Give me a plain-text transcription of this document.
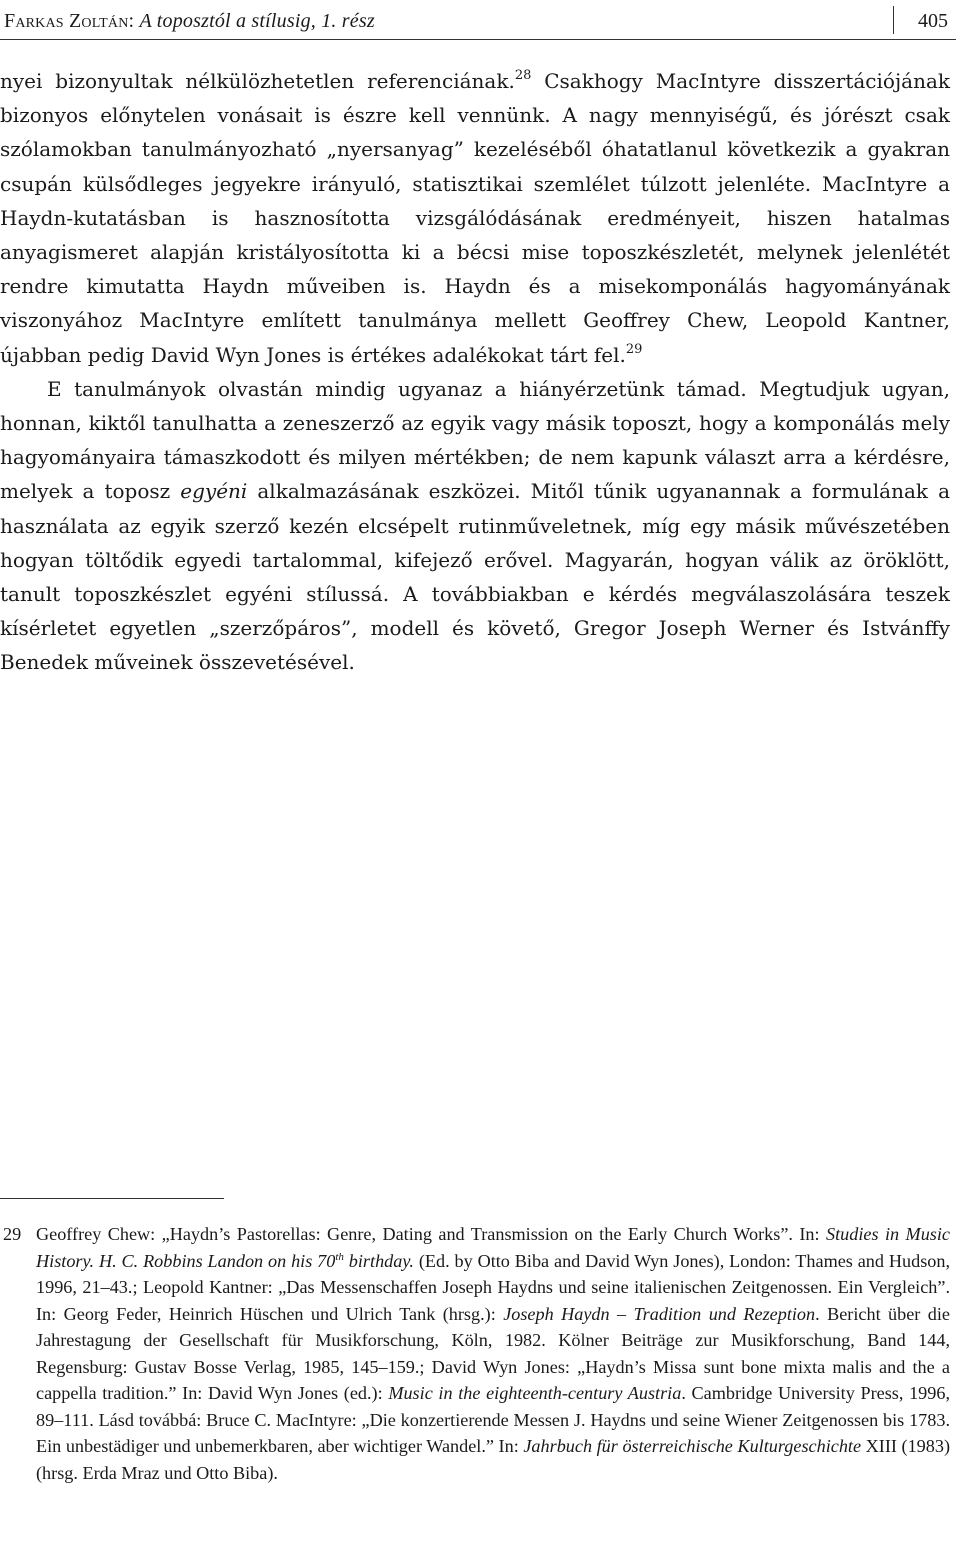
Farkas Zoltán: A toposztól a stílusig, 1. rész	405

nyei bizonyultak nélkülözhetetlen referenciának.$^{28}$ Csakhogy MacIntyre disszertációjának bizonyos előnytelen vonásait is észre kell vennünk. A nagy mennyiségű, és jórészt csak szólamokban tanulmányozható „nyersanyag” kezeléséből óhatatlanul következik a gyakran csupán külsődleges jegyekre irányuló, statisztikai szemlélet túlzott jelenléte. MacIntyre a Haydn-kutatásban is hasznosította vizsgálódásának eredményeit, hiszen hatalmas anyagismeret alapján kristályosította ki a bécsi mise toposzkészletét, melynek jelenlétét rendre kimutatta Haydn műveiben is. Haydn és a misekomponálás hagyományának viszonyához MacIntyre említett tanulmánya mellett Geoffrey Chew, Leopold Kantner, újabban pedig David Wyn Jones is értékes adalékokat tárt fel.$^{29}$

E tanulmányok olvastán mindig ugyanaz a hiányérzetünk támad. Megtudjuk ugyan, honnan, kiktől tanulhatta a zeneszerző az egyik vagy másik toposzt, hogy a komponálás mely hagyományaira támaszkodott és milyen mértékben; de nem kapunk választ arra a kérdésre, melyek a toposz egyéni alkalmazásának eszközei. Mitől tűnik ugyanannak a formulának a használata az egyik szerző kezén elcsépelt rutinműveletnek, míg egy másik művészetében hogyan töltődik egyedi tartalommal, kifejező erővel. Magyarán, hogyan válik az öröklött, tanult toposzkészlet egyéni stílussá. A továbbiakban e kérdés megválaszolására teszek kísérletet egyetlen „szerzőpáros”, modell és követő, Gregor Joseph Werner és Istvánffy Benedek műveinek összevetésével.

29 Geoffrey Chew: „Haydn’s Pastorellas: Genre, Dating and Transmission on the Early Church Works”. In: Studies in Music History. H. C. Robbins Landon on his 70th birthday. (Ed. by Otto Biba and David Wyn Jones), London: Thames and Hudson, 1996, 21–43.; Leopold Kantner: „Das Messenschaffen Joseph Haydns und seine italienischen Zeitgenossen. Ein Vergleich”. In: Georg Feder, Heinrich Hüschen und Ulrich Tank (hrsg.): Joseph Haydn – Tradition und Rezeption. Bericht über die Jahrestagung der Gesellschaft für Musikforschung, Köln, 1982. Kölner Beiträge zur Musikforschung, Band 144, Regensburg: Gustav Bosse Verlag, 1985, 145–159.; David Wyn Jones: „Haydn’s Missa sunt bone mixta malis and the a cappella tradition.” In: David Wyn Jones (ed.): Music in the eighteenth-century Austria. Cambridge University Press, 1996, 89–111. Lásd továbbá: Bruce C. MacIntyre: „Die konzertierende Messen J. Haydns und seine Wiener Zeitgenossen bis 1783. Ein unbestädiger und unbemerkbaren, aber wichtiger Wandel.” In: Jahrbuch für österreichische Kulturgeschichte XIII (1983) (hrsg. Erda Mraz und Otto Biba).
